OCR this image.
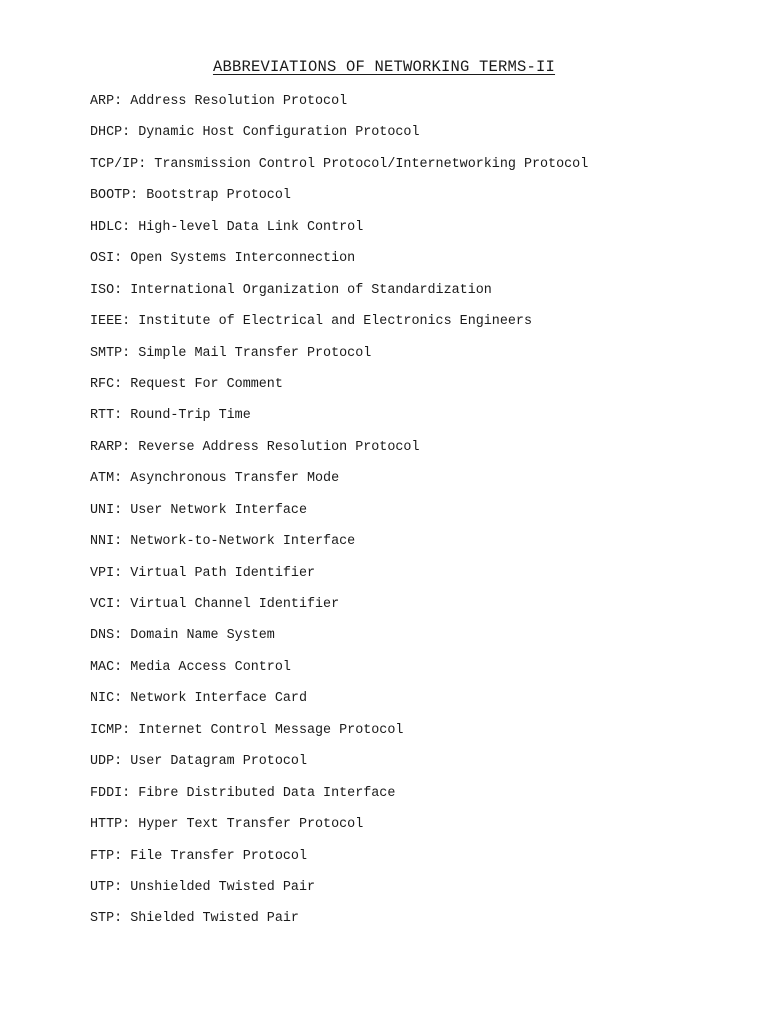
ABBREVIATIONS OF NETWORKING TERMS-II
ARP: Address Resolution Protocol
DHCP: Dynamic Host Configuration Protocol
TCP/IP: Transmission Control Protocol/Internetworking Protocol
BOOTP: Bootstrap Protocol
HDLC: High-level Data Link Control
OSI: Open Systems Interconnection
ISO: International Organization of Standardization
IEEE: Institute of Electrical and Electronics Engineers
SMTP: Simple Mail Transfer Protocol
RFC: Request For Comment
RTT: Round-Trip Time
RARP: Reverse Address Resolution Protocol
ATM: Asynchronous Transfer Mode
UNI: User Network Interface
NNI: Network-to-Network Interface
VPI: Virtual Path Identifier
VCI: Virtual Channel Identifier
DNS: Domain Name System
MAC: Media Access Control
NIC: Network Interface Card
ICMP: Internet Control Message Protocol
UDP: User Datagram Protocol
FDDI: Fibre Distributed Data Interface
HTTP: Hyper Text Transfer Protocol
FTP: File Transfer Protocol
UTP: Unshielded Twisted Pair
STP: Shielded Twisted Pair
